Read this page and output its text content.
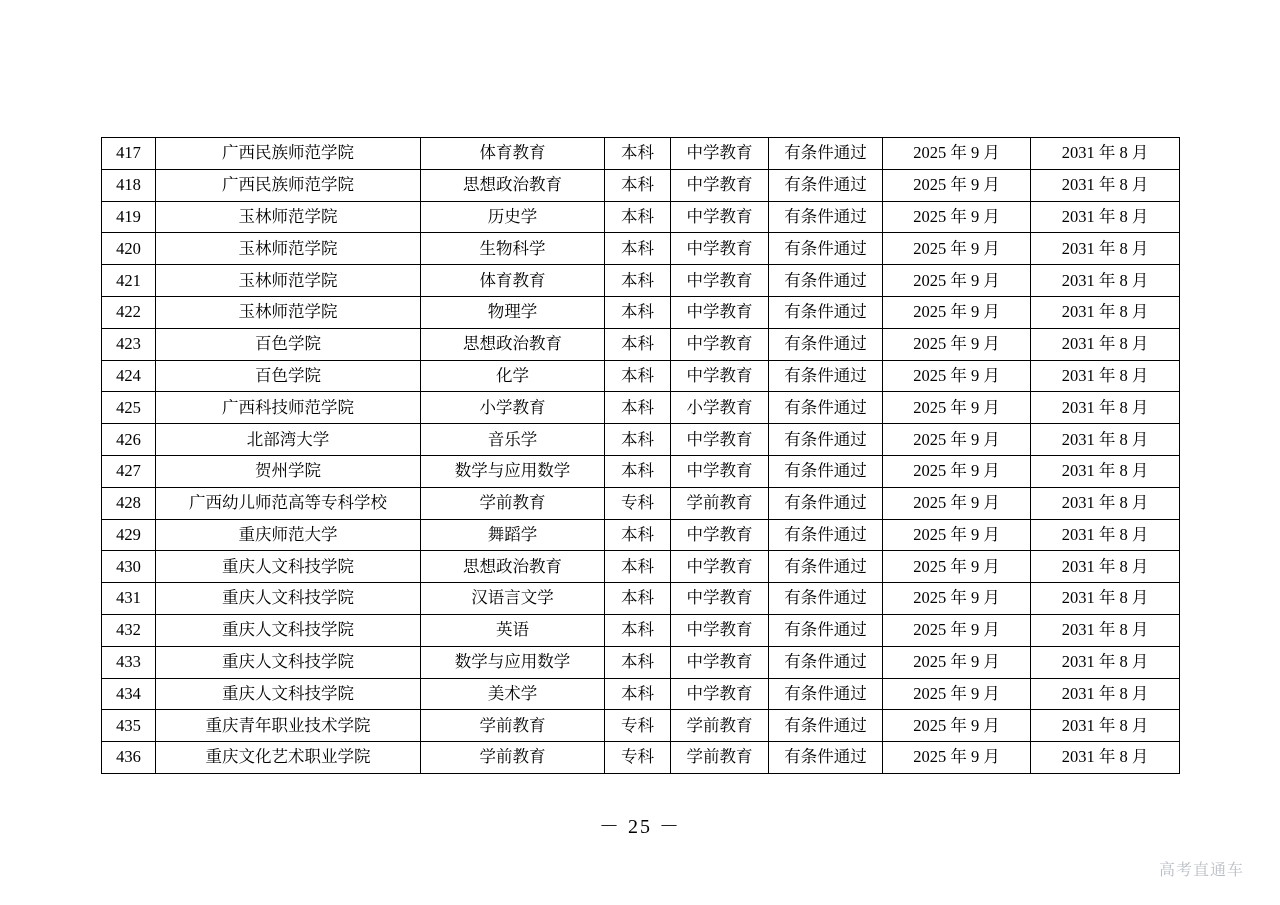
417	广西民族师范学院	体育教育	本科	中学教育	有条件通过	2025 年 9 月	2031 年 8 月
418	广西民族师范学院	思想政治教育	本科	中学教育	有条件通过	2025 年 9 月	2031 年 8 月
419	玉林师范学院	历史学	本科	中学教育	有条件通过	2025 年 9 月	2031 年 8 月
420	玉林师范学院	生物科学	本科	中学教育	有条件通过	2025 年 9 月	2031 年 8 月
421	玉林师范学院	体育教育	本科	中学教育	有条件通过	2025 年 9 月	2031 年 8 月
422	玉林师范学院	物理学	本科	中学教育	有条件通过	2025 年 9 月	2031 年 8 月
423	百色学院	思想政治教育	本科	中学教育	有条件通过	2025 年 9 月	2031 年 8 月
424	百色学院	化学	本科	中学教育	有条件通过	2025 年 9 月	2031 年 8 月
425	广西科技师范学院	小学教育	本科	小学教育	有条件通过	2025 年 9 月	2031 年 8 月
426	北部湾大学	音乐学	本科	中学教育	有条件通过	2025 年 9 月	2031 年 8 月
427	贺州学院	数学与应用数学	本科	中学教育	有条件通过	2025 年 9 月	2031 年 8 月
428	广西幼儿师范高等专科学校	学前教育	专科	学前教育	有条件通过	2025 年 9 月	2031 年 8 月
429	重庆师范大学	舞蹈学	本科	中学教育	有条件通过	2025 年 9 月	2031 年 8 月
430	重庆人文科技学院	思想政治教育	本科	中学教育	有条件通过	2025 年 9 月	2031 年 8 月
431	重庆人文科技学院	汉语言文学	本科	中学教育	有条件通过	2025 年 9 月	2031 年 8 月
432	重庆人文科技学院	英语	本科	中学教育	有条件通过	2025 年 9 月	2031 年 8 月
433	重庆人文科技学院	数学与应用数学	本科	中学教育	有条件通过	2025 年 9 月	2031 年 8 月
434	重庆人文科技学院	美术学	本科	中学教育	有条件通过	2025 年 9 月	2031 年 8 月
435	重庆青年职业技术学院	学前教育	专科	学前教育	有条件通过	2025 年 9 月	2031 年 8 月
436	重庆文化艺术职业学院	学前教育	专科	学前教育	有条件通过	2025 年 9 月	2031 年 8 月
－ 25 －
高考直通车
